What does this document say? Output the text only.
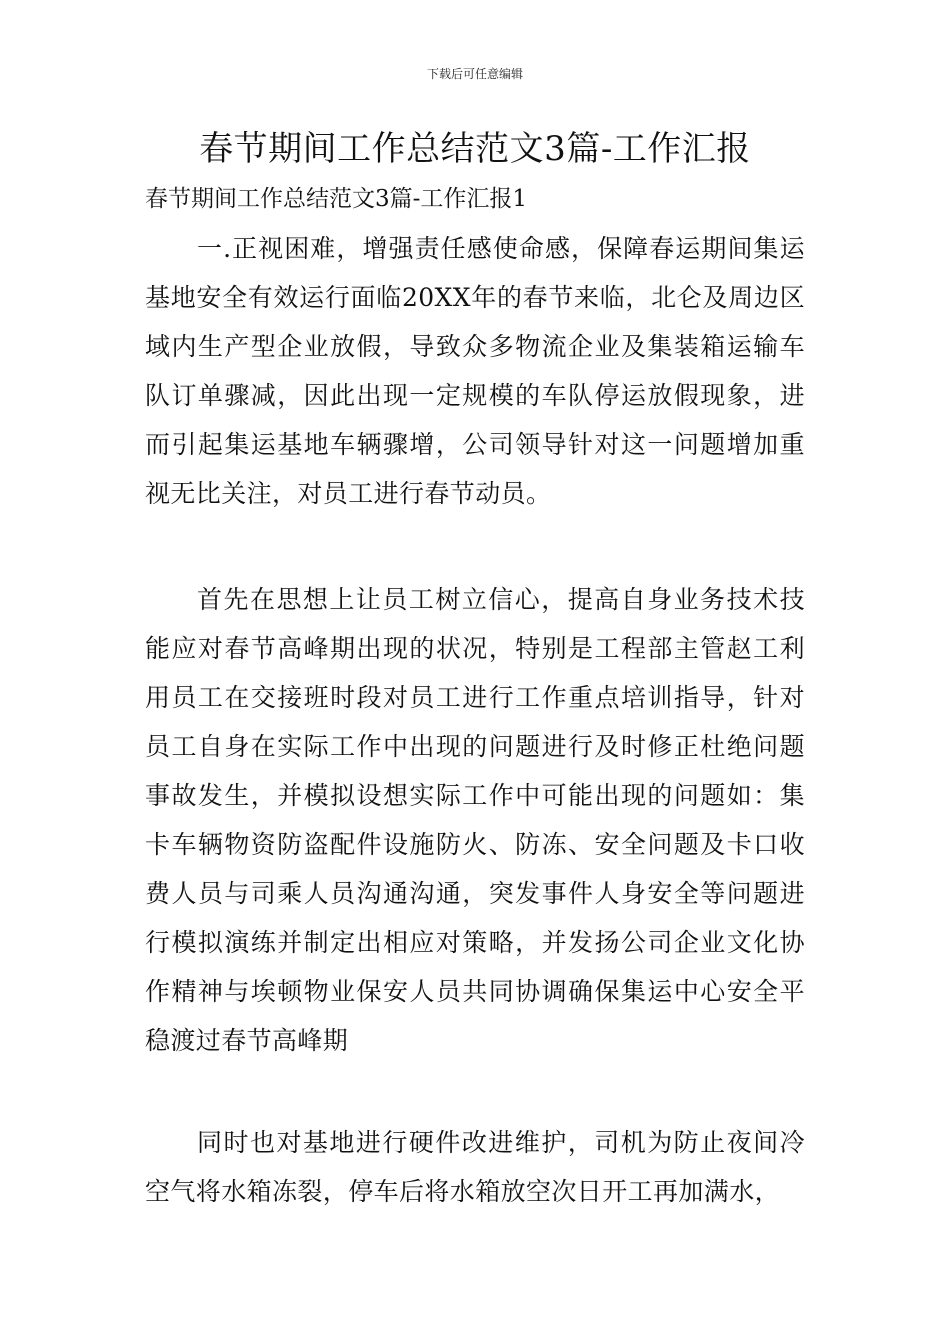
下载后可任意编辑
春节期间工作总结范文3篇-工作汇报

春节期间工作总结范文3篇-工作汇报1

一.正视困难，增强责任感使命感，保障春运期间集运基地安全有效运行面临20XX年的春节来临，北仑及周边区域内生产型企业放假，导致众多物流企业及集装箱运输车队订单骤减，因此出现一定规模的车队停运放假现象，进而引起集运基地车辆骤增，公司领导针对这一问题增加重视无比关注，对员工进行春节动员。

首先在思想上让员工树立信心，提高自身业务技术技能应对春节高峰期出现的状况，特别是工程部主管赵工利用员工在交接班时段对员工进行工作重点培训指导，针对员工自身在实际工作中出现的问题进行及时修正杜绝问题事故发生，并模拟设想实际工作中可能出现的问题如：集卡车辆物资防盗配件设施防火、防冻、安全问题及卡口收费人员与司乘人员沟通沟通，突发事件人身安全等问题进行模拟演练并制定出相应对策略，并发扬公司企业文化协作精神与埃顿物业保安人员共同协调确保集运中心安全平稳渡过春节高峰期

同时也对基地进行硬件改进维护，司机为防止夜间冷空气将水箱冻裂，停车后将水箱放空次日开工再加满水，
